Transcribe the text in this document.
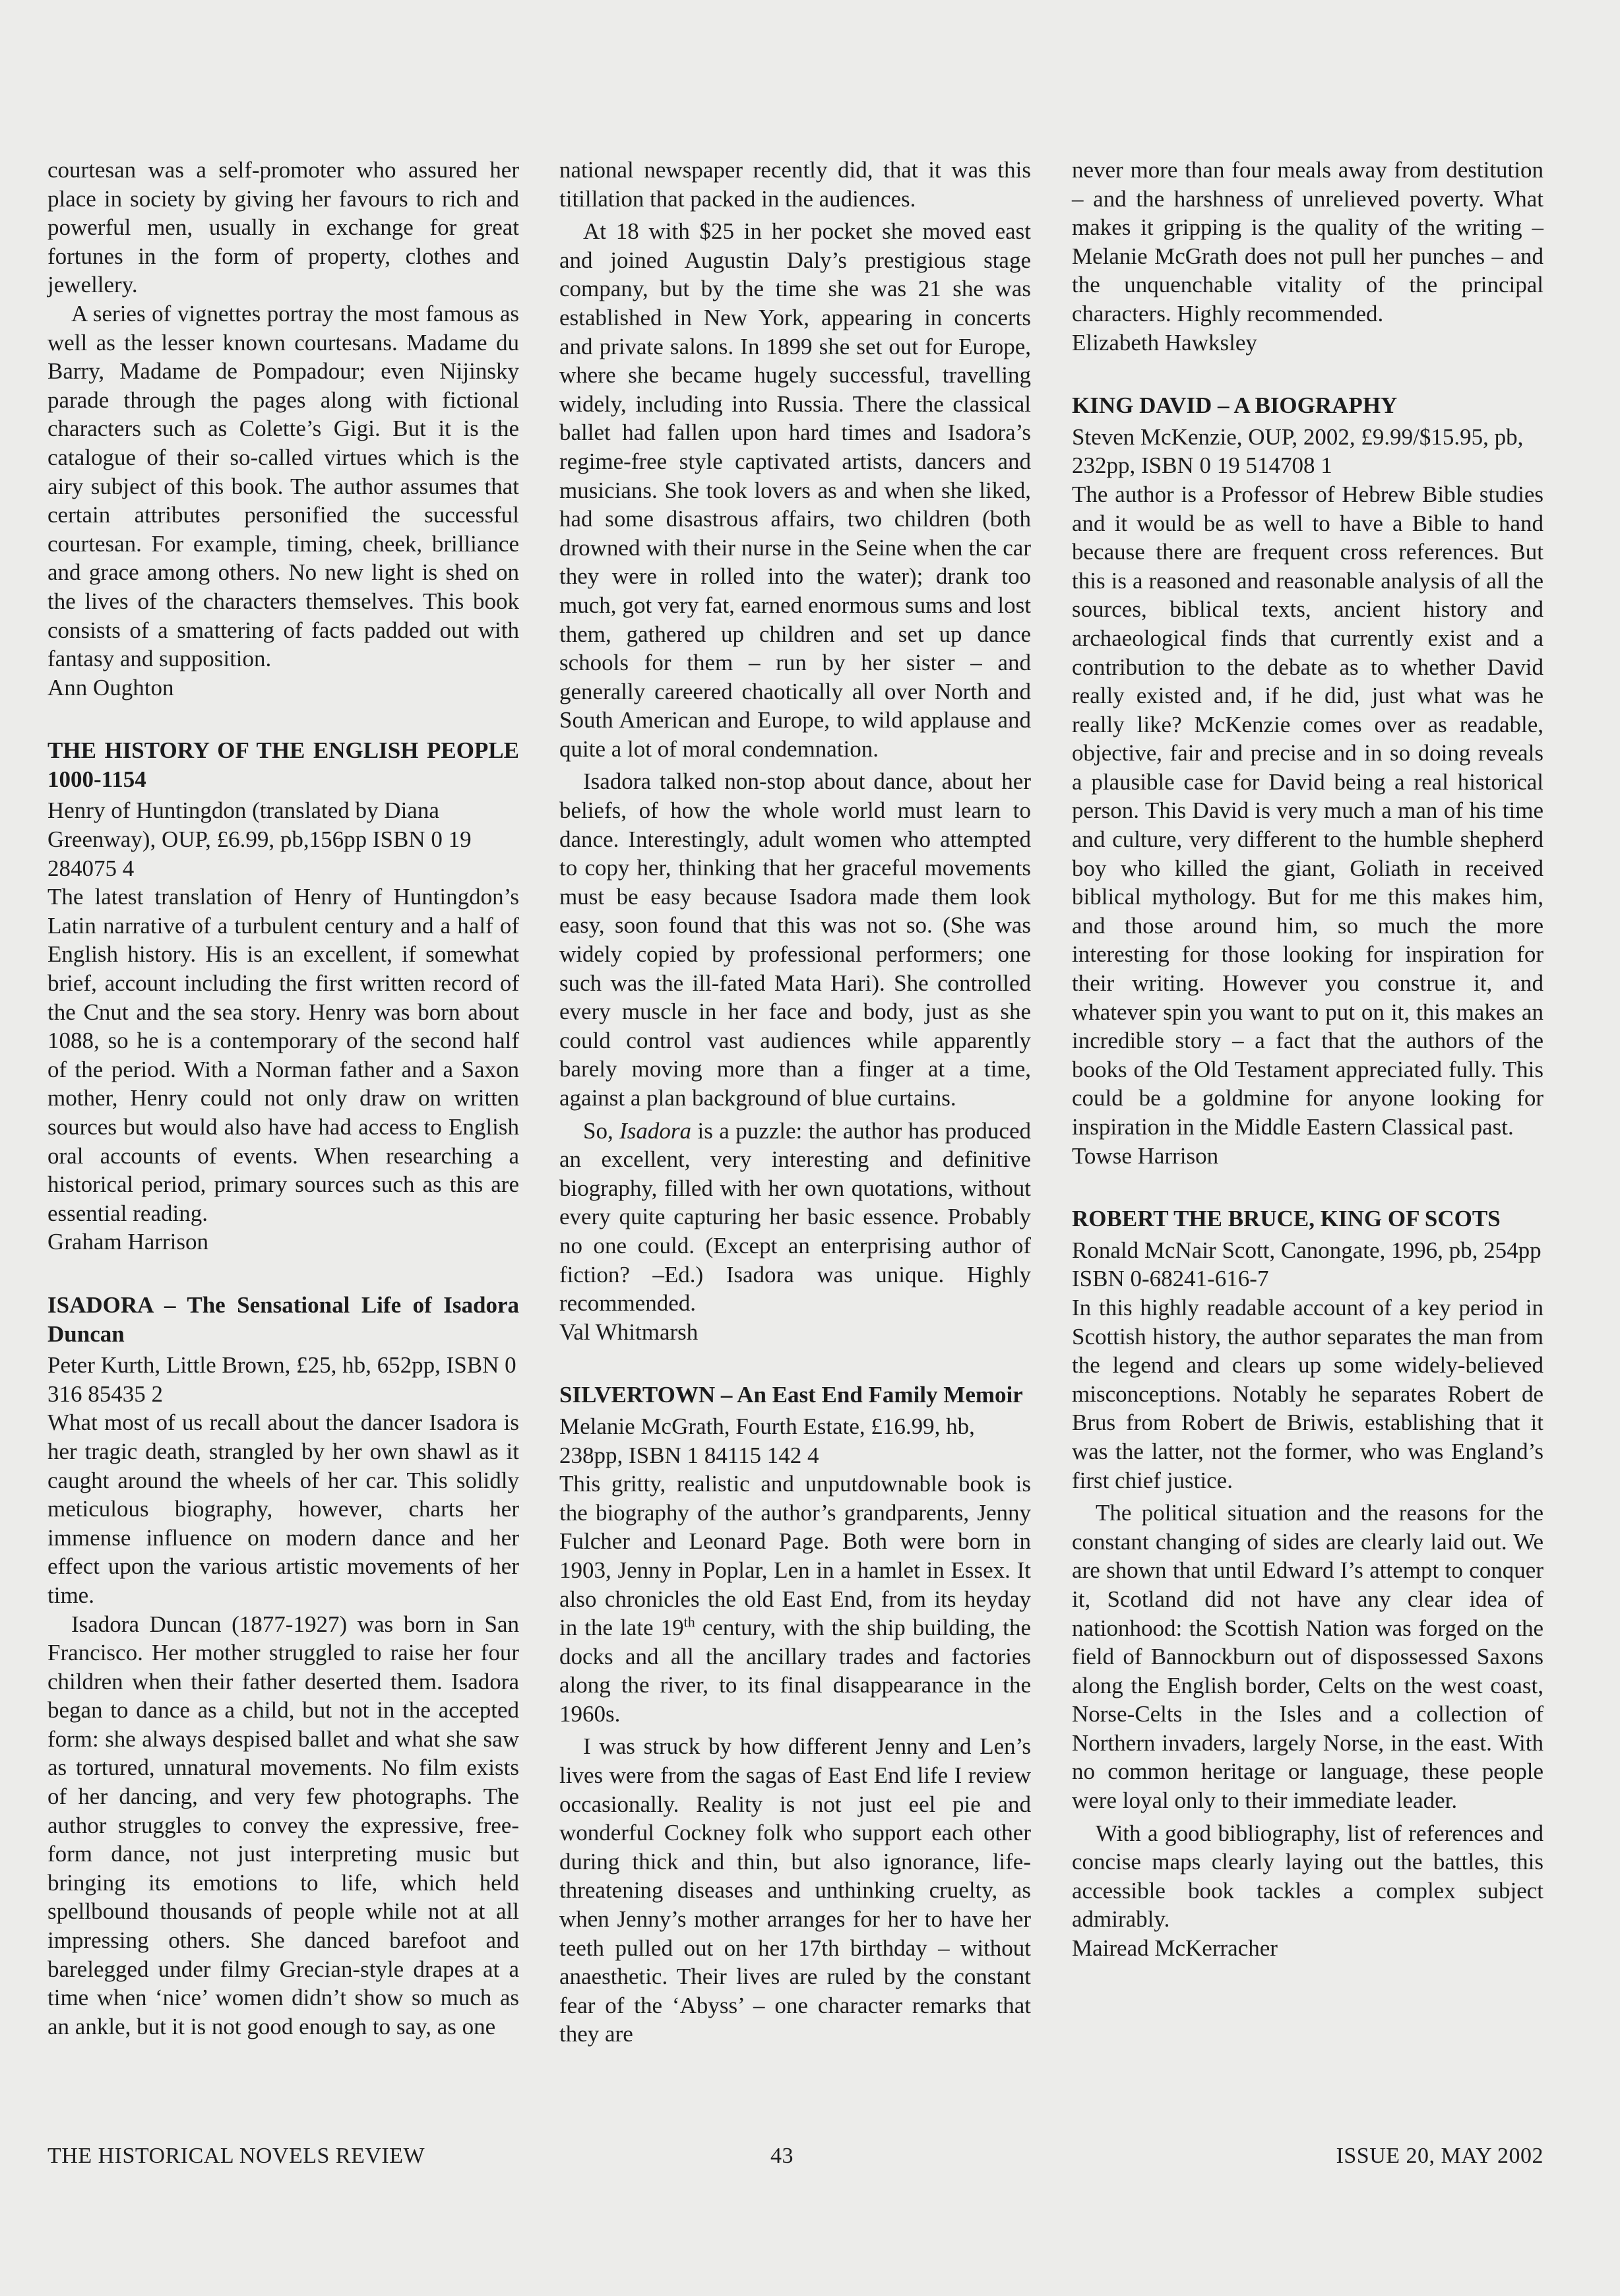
courtesan was a self-promoter who assured her place in society by giving her favours to rich and powerful men, usually in exchange for great fortunes in the form of property, clothes and jewellery.

A series of vignettes portray the most famous as well as the lesser known courtesans. Madame du Barry, Madame de Pompadour; even Nijinsky parade through the pages along with fictional characters such as Colette’s Gigi. But it is the catalogue of their so-called virtues which is the airy subject of this book. The author assumes that certain attributes personified the successful courtesan. For example, timing, cheek, brilliance and grace among others. No new light is shed on the lives of the characters themselves. This book consists of a smattering of facts padded out with fantasy and supposition.

Ann Oughton

THE HISTORY OF THE ENGLISH PEOPLE 1000-1154

Henry of Huntingdon (translated by Diana Greenway), OUP, £6.99, pb,156pp ISBN 0 19 284075 4

The latest translation of Henry of Huntingdon’s Latin narrative of a turbulent century and a half of English history. His is an excellent, if somewhat brief, account including the first written record of the Cnut and the sea story. Henry was born about 1088, so he is a contemporary of the second half of the period. With a Norman father and a Saxon mother, Henry could not only draw on written sources but would also have had access to English oral accounts of events. When researching a historical period, primary sources such as this are essential reading.

Graham Harrison

ISADORA – The Sensational Life of Isadora Duncan

Peter Kurth, Little Brown, £25, hb, 652pp, ISBN 0 316 85435 2

What most of us recall about the dancer Isadora is her tragic death, strangled by her own shawl as it caught around the wheels of her car. This solidly meticulous biography, however, charts her immense influence on modern dance and her effect upon the various artistic movements of her time.

Isadora Duncan (1877-1927) was born in San Francisco. Her mother struggled to raise her four children when their father deserted them. Isadora began to dance as a child, but not in the accepted form: she always despised ballet and what she saw as tortured, unnatural movements. No film exists of her dancing, and very few photographs. The author struggles to convey the expressive, free-form dance, not just interpreting music but bringing its emotions to life, which held spellbound thousands of people while not at all impressing others. She danced barefoot and barelegged under filmy Grecian-style drapes at a time when ‘nice’ women didn’t show so much as an ankle, but it is not good enough to say, as one

national newspaper recently did, that it was this titillation that packed in the audiences.

At 18 with $25 in her pocket she moved east and joined Augustin Daly’s prestigious stage company, but by the time she was 21 she was established in New York, appearing in concerts and private salons. In 1899 she set out for Europe, where she became hugely successful, travelling widely, including into Russia. There the classical ballet had fallen upon hard times and Isadora’s regime-free style captivated artists, dancers and musicians. She took lovers as and when she liked, had some disastrous affairs, two children (both drowned with their nurse in the Seine when the car they were in rolled into the water); drank too much, got very fat, earned enormous sums and lost them, gathered up children and set up dance schools for them – run by her sister – and generally careered chaotically all over North and South American and Europe, to wild applause and quite a lot of moral condemnation.

Isadora talked non-stop about dance, about her beliefs, of how the whole world must learn to dance. Interestingly, adult women who attempted to copy her, thinking that her graceful movements must be easy because Isadora made them look easy, soon found that this was not so. (She was widely copied by professional performers; one such was the ill-fated Mata Hari). She controlled every muscle in her face and body, just as she could control vast audiences while apparently barely moving more than a finger at a time, against a plan background of blue curtains.

So, Isadora is a puzzle: the author has produced an excellent, very interesting and definitive biography, filled with her own quotations, without every quite capturing her basic essence. Probably no one could. (Except an enterprising author of fiction? –Ed.) Isadora was unique. Highly recommended.

Val Whitmarsh

SILVERTOWN – An East End Family Memoir

Melanie McGrath, Fourth Estate, £16.99, hb, 238pp, ISBN 1 84115 142 4

This gritty, realistic and unputdownable book is the biography of the author’s grandparents, Jenny Fulcher and Leonard Page. Both were born in 1903, Jenny in Poplar, Len in a hamlet in Essex. It also chronicles the old East End, from its heyday in the late 19th century, with the ship building, the docks and all the ancillary trades and factories along the river, to its final disappearance in the 1960s.

I was struck by how different Jenny and Len’s lives were from the sagas of East End life I review occasionally. Reality is not just eel pie and wonderful Cockney folk who support each other during thick and thin, but also ignorance, life-threatening diseases and unthinking cruelty, as when Jenny’s mother arranges for her to have her teeth pulled out on her 17th birthday – without anaesthetic. Their lives are ruled by the constant fear of the ‘Abyss’ – one character remarks that they are

never more than four meals away from destitution – and the harshness of unrelieved poverty. What makes it gripping is the quality of the writing – Melanie McGrath does not pull her punches – and the unquenchable vitality of the principal characters. Highly recommended.

Elizabeth Hawksley

KING DAVID – A BIOGRAPHY

Steven McKenzie, OUP, 2002, £9.99/$15.95, pb, 232pp, ISBN 0 19 514708 1

The author is a Professor of Hebrew Bible studies and it would be as well to have a Bible to hand because there are frequent cross references. But this is a reasoned and reasonable analysis of all the sources, biblical texts, ancient history and archaeological finds that currently exist and a contribution to the debate as to whether David really existed and, if he did, just what was he really like? McKenzie comes over as readable, objective, fair and precise and in so doing reveals a plausible case for David being a real historical person. This David is very much a man of his time and culture, very different to the humble shepherd boy who killed the giant, Goliath in received biblical mythology. But for me this makes him, and those around him, so much the more interesting for those looking for inspiration for their writing. However you construe it, and whatever spin you want to put on it, this makes an incredible story – a fact that the authors of the books of the Old Testament appreciated fully. This could be a goldmine for anyone looking for inspiration in the Middle Eastern Classical past.

Towse Harrison

ROBERT THE BRUCE, KING OF SCOTS

Ronald McNair Scott, Canongate, 1996, pb, 254pp ISBN 0-68241-616-7

In this highly readable account of a key period in Scottish history, the author separates the man from the legend and clears up some widely-believed misconceptions. Notably he separates Robert de Brus from Robert de Briwis, establishing that it was the latter, not the former, who was England’s first chief justice.

The political situation and the reasons for the constant changing of sides are clearly laid out. We are shown that until Edward I’s attempt to conquer it, Scotland did not have any clear idea of nationhood: the Scottish Nation was forged on the field of Bannockburn out of dispossessed Saxons along the English border, Celts on the west coast, Norse-Celts in the Isles and a collection of Northern invaders, largely Norse, in the east. With no common heritage or language, these people were loyal only to their immediate leader.

With a good bibliography, list of references and concise maps clearly laying out the battles, this accessible book tackles a complex subject admirably.

Mairead McKerracher

THE HISTORICAL NOVELS REVIEW	43	ISSUE 20, MAY 2002
